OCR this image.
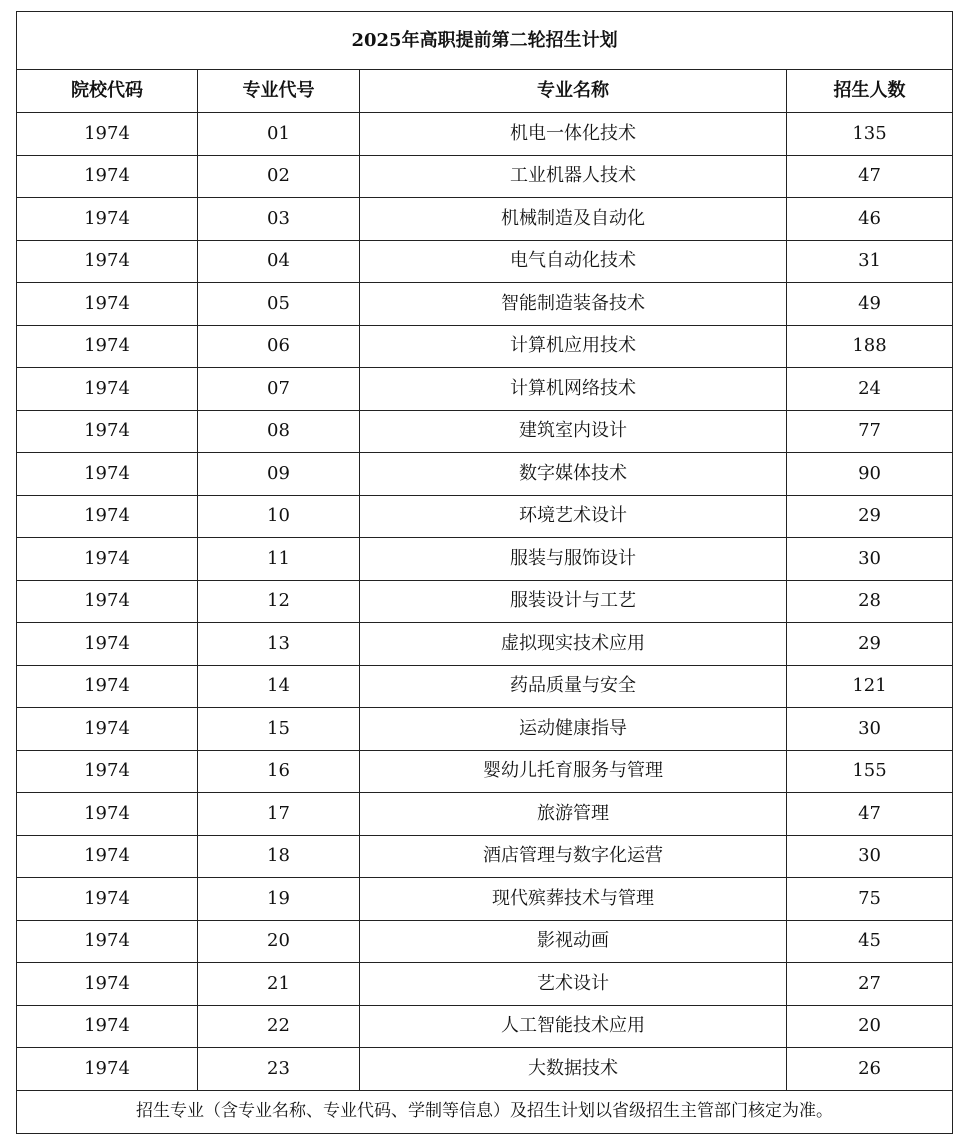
2025年高职提前第二轮招生计划			
院校代码	专业代号	专业名称	招生人数
1974	01	机电一体化技术	135
1974	02	工业机器人技术	47
1974	03	机械制造及自动化	46
1974	04	电气自动化技术	31
1974	05	智能制造装备技术	49
1974	06	计算机应用技术	188
1974	07	计算机网络技术	24
1974	08	建筑室内设计	77
1974	09	数字媒体技术	90
1974	10	环境艺术设计	29
1974	11	服装与服饰设计	30
1974	12	服装设计与工艺	28
1974	13	虚拟现实技术应用	29
1974	14	药品质量与安全	121
1974	15	运动健康指导	30
1974	16	婴幼儿托育服务与管理	155
1974	17	旅游管理	47
1974	18	酒店管理与数字化运营	30
1974	19	现代殡葬技术与管理	75
1974	20	影视动画	45
1974	21	艺术设计	27
1974	22	人工智能技术应用	20
1974	23	大数据技术	26
招生专业（含专业名称、专业代码、学制等信息）及招生计划以省级招生主管部门核定为准。			
